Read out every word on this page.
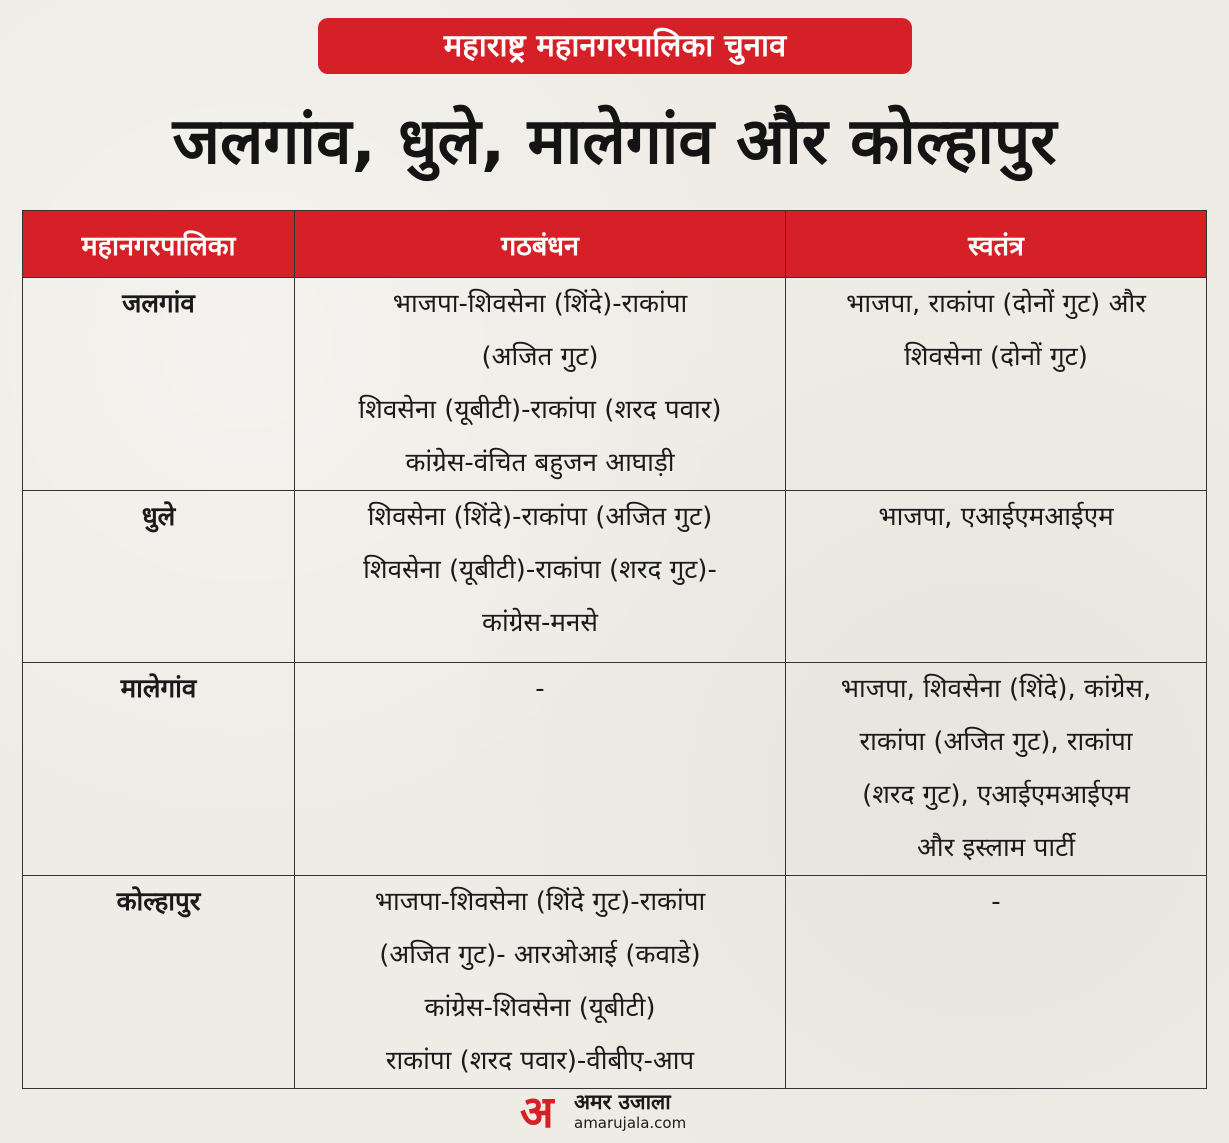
महाराष्ट्र महानगरपालिका चुनाव
जलगांव, धुले, मालेगांव और कोल्हापुर
महानगरपालिका	गठबंधन	स्वतंत्र

जलगांव	भाजपा-शिवसेना (शिंदे)-राकांपा
(अजित गुट)
शिवसेना (यूबीटी)-राकांपा (शरद पवार)
कांग्रेस-वंचित बहुजन आघाड़ी	भाजपा, राकांपा (दोनों गुट) और
शिवसेना (दोनों गुट)

धुले	शिवसेना (शिंदे)-राकांपा (अजित गुट)
शिवसेना (यूबीटी)-राकांपा (शरद गुट)-
कांग्रेस-मनसे	भाजपा, एआईएमआईएम

मालेगांव	-	भाजपा, शिवसेना (शिंदे), कांग्रेस,
राकांपा (अजित गुट), राकांपा
(शरद गुट), एआईएमआईएम
और इस्लाम पार्टी

कोल्हापुर	भाजपा-शिवसेना (शिंदे गुट)-राकांपा
(अजित गुट)- आरओआई (कवाडे)
कांग्रेस-शिवसेना (यूबीटी)
राकांपा (शरद पवार)-वीबीए-आप	-
अ अमर उजाला
amarujala.com
